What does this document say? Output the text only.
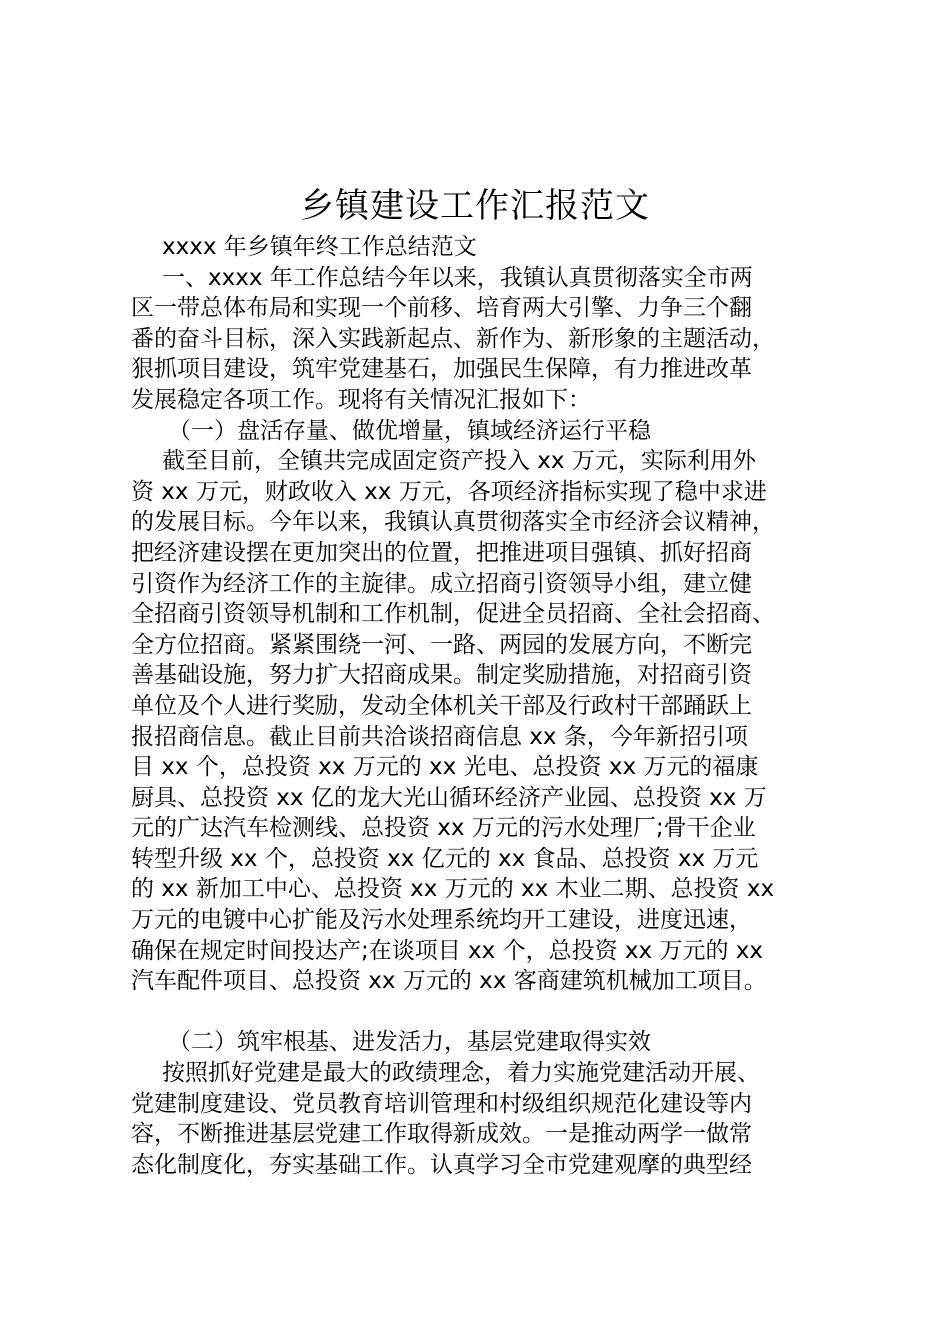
乡镇建设工作汇报范文

xxxx 年乡镇年终工作总结范文

一、xxxx 年工作总结今年以来，我镇认真贯彻落实全市两

区一带总体布局和实现一个前移、培育两大引擎、力争三个翻

番的奋斗目标，深入实践新起点、新作为、新形象的主题活动，

狠抓项目建设，筑牢党建基石，加强民生保障，有力推进改革

发展稳定各项工作。现将有关情况汇报如下：

（一）盘活存量、做优增量，镇域经济运行平稳

截至目前，全镇共完成固定资产投入 xx 万元，实际利用外

资 xx 万元，财政收入 xx 万元，各项经济指标实现了稳中求进

的发展目标。今年以来，我镇认真贯彻落实全市经济会议精神，

把经济建设摆在更加突出的位置，把推进项目强镇、抓好招商

引资作为经济工作的主旋律。成立招商引资领导小组，建立健

全招商引资领导机制和工作机制，促进全员招商、全社会招商、

全方位招商。紧紧围绕一河、一路、两园的发展方向，不断完

善基础设施，努力扩大招商成果。制定奖励措施，对招商引资

单位及个人进行奖励，发动全体机关干部及行政村干部踊跃上

报招商信息。截止目前共洽谈招商信息 xx 条，今年新招引项

目 xx 个，总投资 xx 万元的 xx 光电、总投资 xx 万元的福康

厨具、总投资 xx 亿的龙大光山循环经济产业园、总投资 xx 万

元的广达汽车检测线、总投资 xx 万元的污水处理厂;骨干企业

转型升级 xx 个，总投资 xx 亿元的 xx 食品、总投资 xx 万元

的 xx 新加工中心、总投资 xx 万元的 xx 木业二期、总投资 xx

万元的电镀中心扩能及污水处理系统均开工建设，进度迅速，

确保在规定时间投达产;在谈项目 xx 个，总投资 xx 万元的 xx

汽车配件项目、总投资 xx 万元的 xx 客商建筑机械加工项目。

（二）筑牢根基、进发活力，基层党建取得实效

按照抓好党建是最大的政绩理念，着力实施党建活动开展、

党建制度建设、党员教育培训管理和村级组织规范化建设等内

容，不断推进基层党建工作取得新成效。一是推动两学一做常

态化制度化，夯实基础工作。认真学习全市党建观摩的典型经
